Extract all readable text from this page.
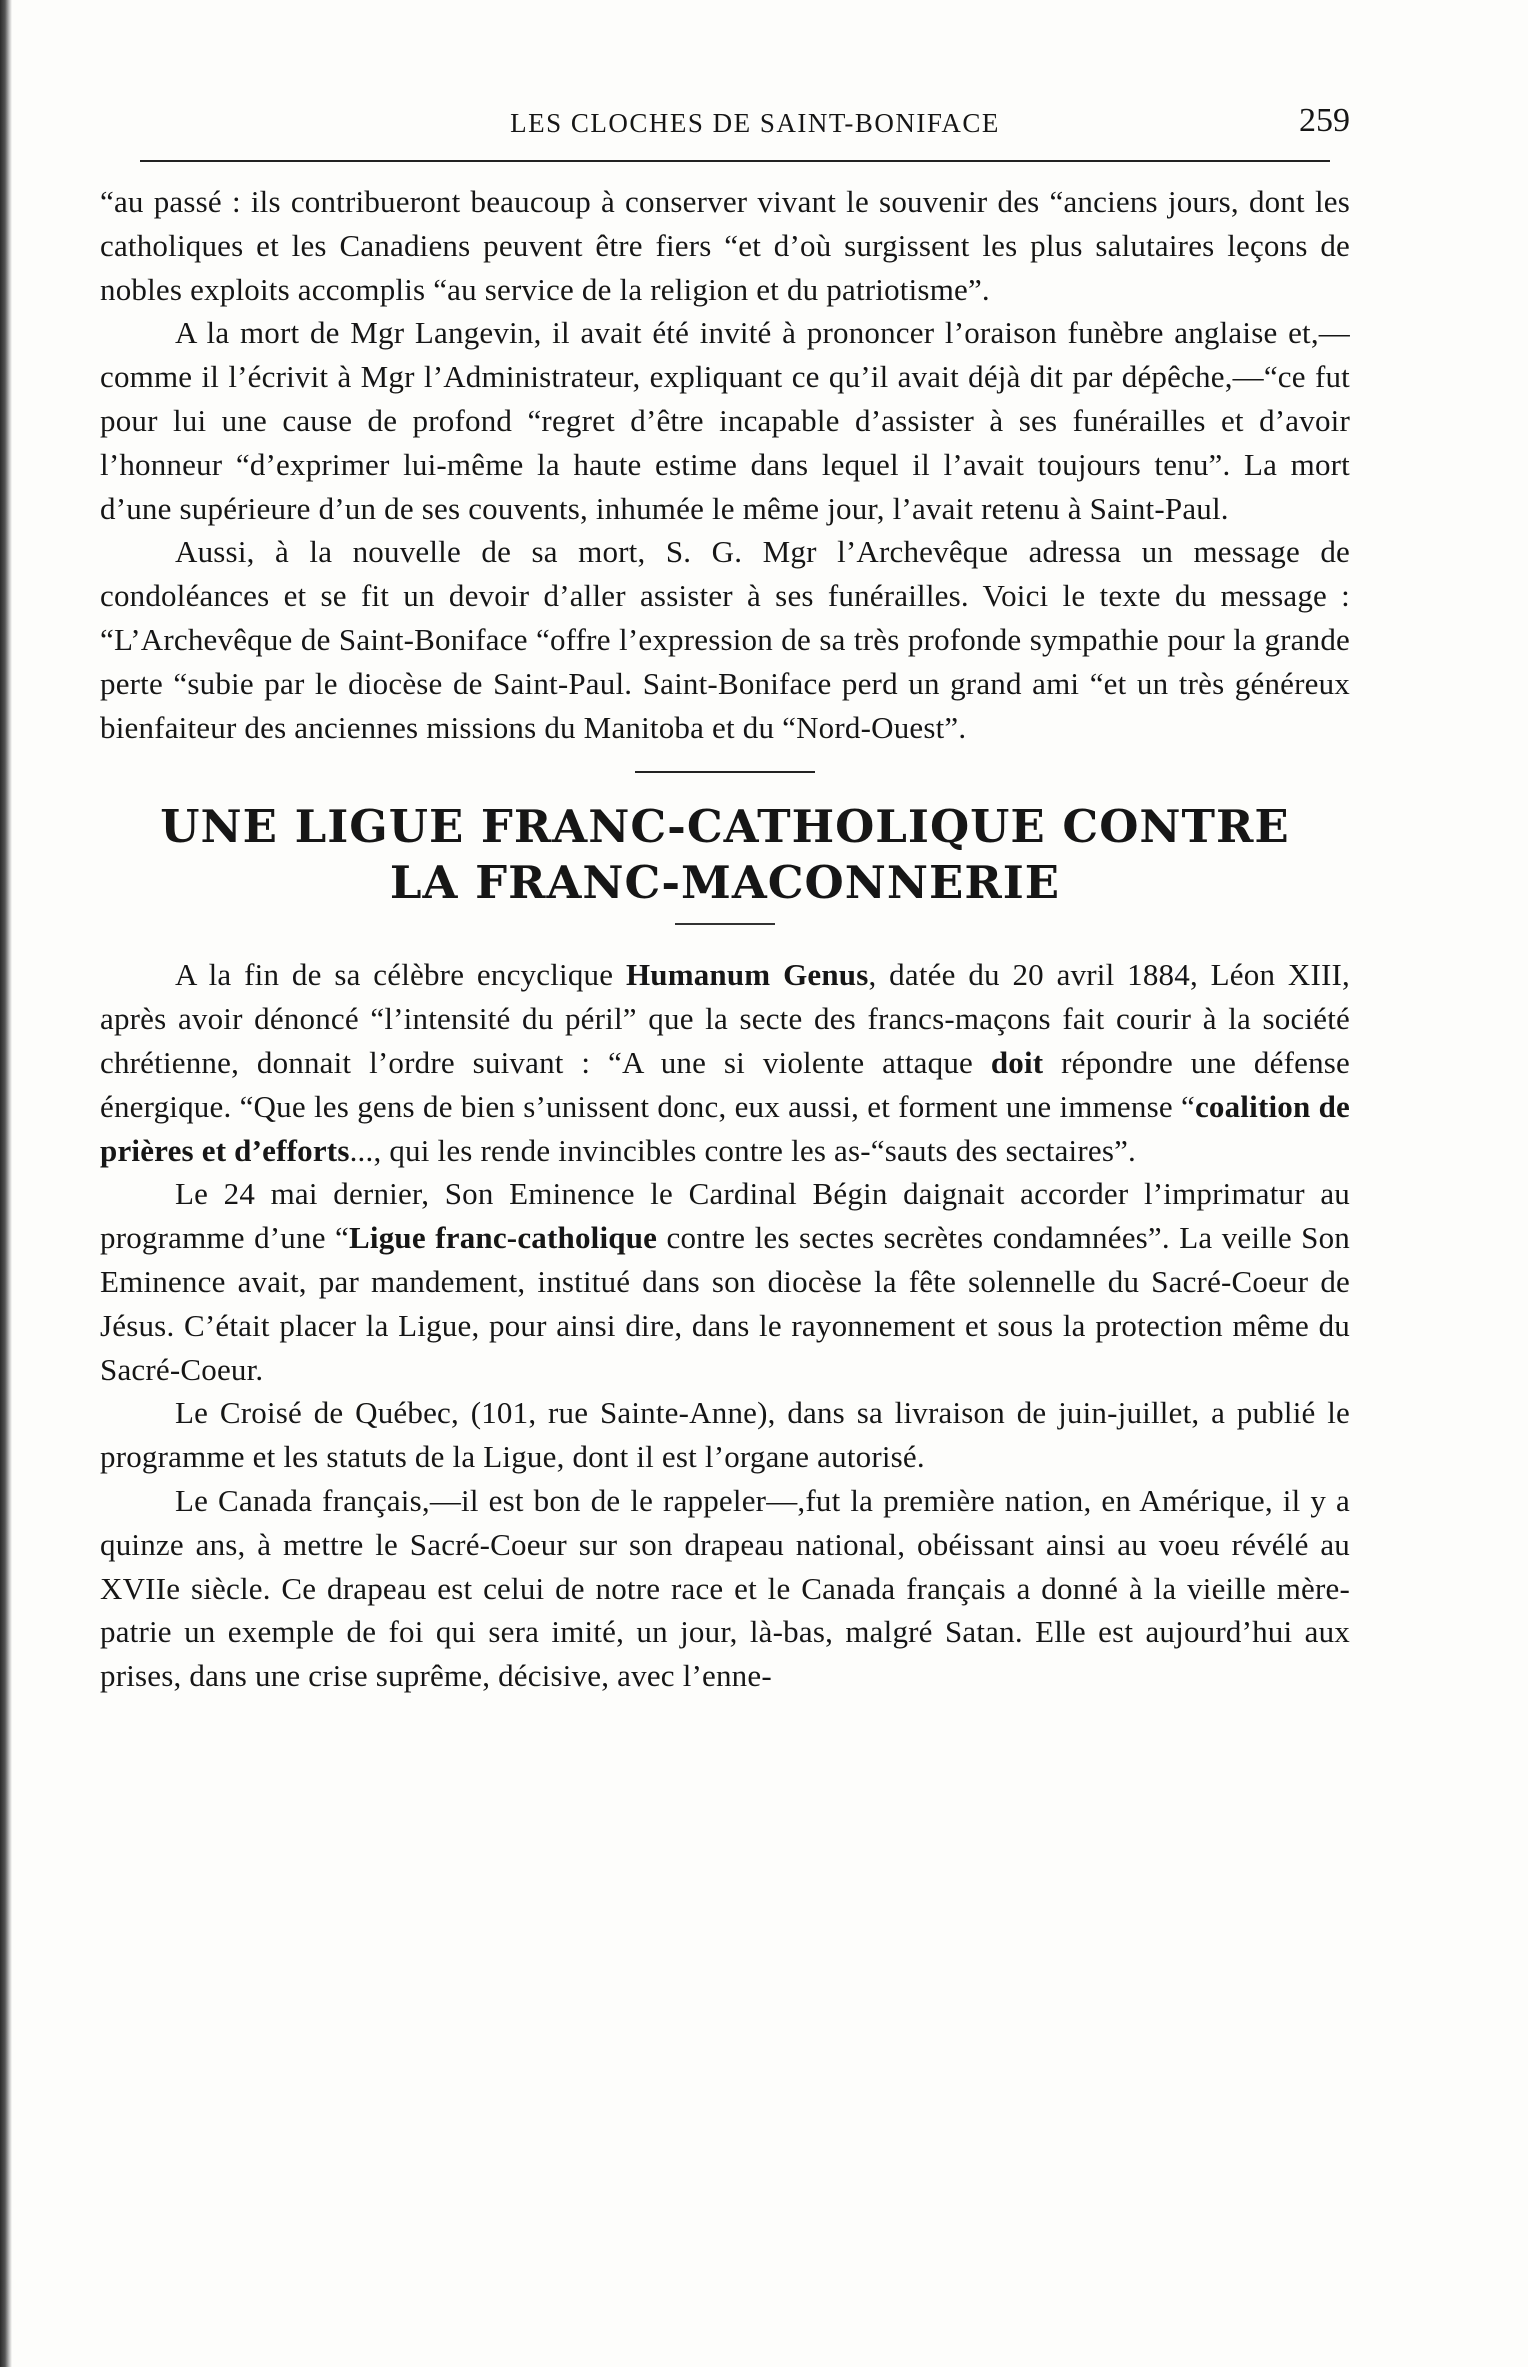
LES CLOCHES DE SAINT-BONIFACE	259

“au passé : ils contribueront beaucoup à conserver vivant le souvenir des “anciens jours, dont les catholiques et les Canadiens peuvent être fiers “et d’où surgissent les plus salutaires leçons de nobles exploits accomplis “au service de la religion et du patriotisme”.

A la mort de Mgr Langevin, il avait été invité à prononcer l’oraison funèbre anglaise et,—comme il l’écrivit à Mgr l’Administrateur, expliquant ce qu’il avait déjà dit par dépêche,—“ce fut pour lui une cause de profond “regret d’être incapable d’assister à ses funérailles et d’avoir l’honneur “d’exprimer lui-même la haute estime dans lequel il l’avait toujours tenu”. La mort d’une supérieure d’un de ses couvents, inhumée le même jour, l’avait retenu à Saint-Paul.

Aussi, à la nouvelle de sa mort, S. G. Mgr l’Archevêque adressa un message de condoléances et se fit un devoir d’aller assister à ses funérailles. Voici le texte du message : “L’Archevêque de Saint-Boniface “offre l’expression de sa très profonde sympathie pour la grande perte “subie par le diocèse de Saint-Paul. Saint-Boniface perd un grand ami “et un très généreux bienfaiteur des anciennes missions du Manitoba et du “Nord-Ouest”.

UNE LIGUE FRANC-CATHOLIQUE CONTRE
LA FRANC-MACONNERIE

A la fin de sa célèbre encyclique Humanum Genus, datée du 20 avril 1884, Léon XIII, après avoir dénoncé “l’intensité du péril” que la secte des francs-maçons fait courir à la société chrétienne, donnait l’ordre suivant : “A une si violente attaque doit répondre une défense énergique. “Que les gens de bien s’unissent donc, eux aussi, et forment une immense “coalition de prières et d’efforts..., qui les rende invincibles contre les as-“sauts des sectaires”.

Le 24 mai dernier, Son Eminence le Cardinal Bégin daignait accorder l’imprimatur au programme d’une “Ligue franc-catholique contre les sectes secrètes condamnées”. La veille Son Eminence avait, par mandement, institué dans son diocèse la fête solennelle du Sacré-Coeur de Jésus. C’était placer la Ligue, pour ainsi dire, dans le rayonnement et sous la protection même du Sacré-Coeur.

Le Croisé de Québec, (101, rue Sainte-Anne), dans sa livraison de juin-juillet, a publié le programme et les statuts de la Ligue, dont il est l’organe autorisé.

Le Canada français,—il est bon de le rappeler—,fut la première nation, en Amérique, il y a quinze ans, à mettre le Sacré-Coeur sur son drapeau national, obéissant ainsi au voeu révélé au XVIIe siècle. Ce drapeau est celui de notre race et le Canada français a donné à la vieille mère-patrie un exemple de foi qui sera imité, un jour, là-bas, malgré Satan. Elle est aujourd’hui aux prises, dans une crise suprême, décisive, avec l’enne-
